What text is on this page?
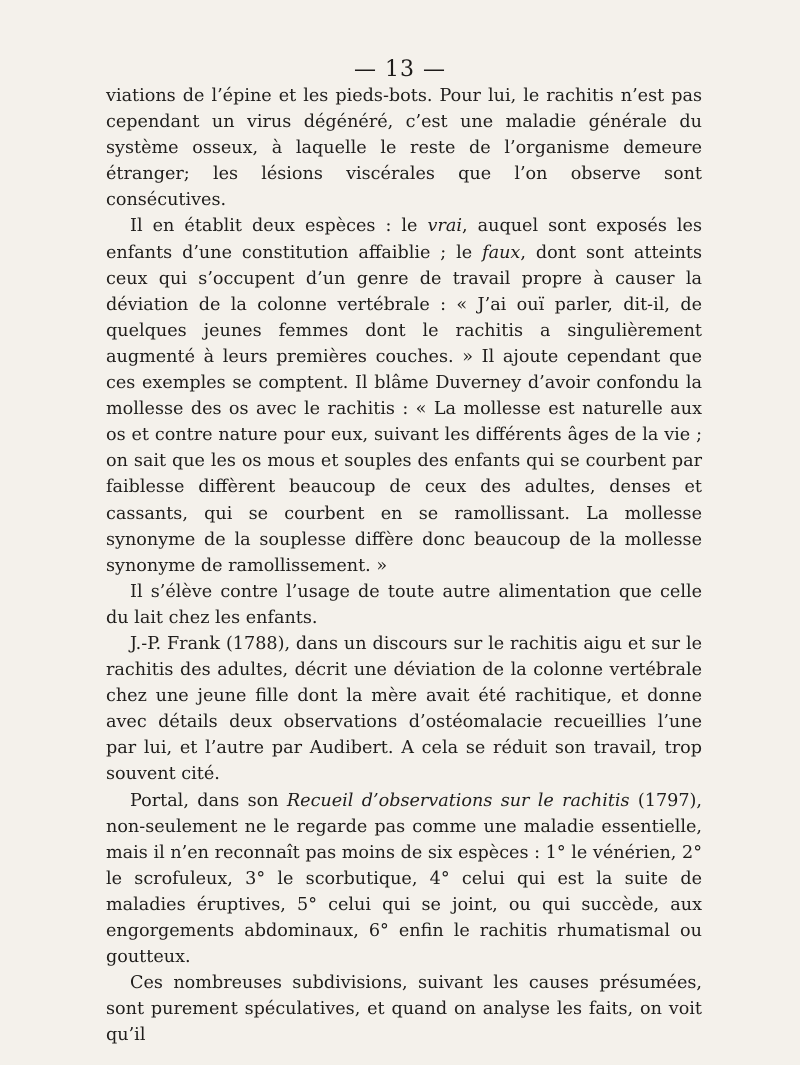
— 13 —

viations de l’épine et les pieds-bots. Pour lui, le rachitis n’est pas cependant un virus dégénéré, c’est une maladie générale du système osseux, à laquelle le reste de l’organisme demeure étranger; les lésions viscérales que l’on observe sont consécutives.

Il en établit deux espèces : le vrai, auquel sont exposés les enfants d’une constitution affaiblie ; le faux, dont sont atteints ceux qui s’occupent d’un genre de travail propre à causer la déviation de la colonne vertébrale : « J’ai ouï parler, dit-il, de quelques jeunes femmes dont le rachitis a singulièrement augmenté à leurs premières couches. » Il ajoute cependant que ces exemples se comptent. Il blâme Duverney d’avoir confondu la mollesse des os avec le rachitis : « La mollesse est naturelle aux os et contre nature pour eux, suivant les différents âges de la vie ; on sait que les os mous et souples des enfants qui se courbent par faiblesse diffèrent beaucoup de ceux des adultes, denses et cassants, qui se courbent en se ramollissant. La mollesse synonyme de la souplesse diffère donc beaucoup de la mollesse synonyme de ramollissement. »

Il s’élève contre l’usage de toute autre alimentation que celle du lait chez les enfants.

J.-P. Frank (1788), dans un discours sur le rachitis aigu et sur le rachitis des adultes, décrit une déviation de la colonne vertébrale chez une jeune fille dont la mère avait été rachitique, et donne avec détails deux observations d’ostéomalacie recueillies l’une par lui, et l’autre par Audibert. A cela se réduit son travail, trop souvent cité.

Portal, dans son Recueil d’observations sur le rachitis (1797), non-seulement ne le regarde pas comme une maladie essentielle, mais il n’en reconnaît pas moins de six espèces : 1° le vénérien, 2° le scrofuleux, 3° le scorbutique, 4° celui qui est la suite de maladies éruptives, 5° celui qui se joint, ou qui succède, aux engorgements abdominaux, 6° enfin le rachitis rhumatismal ou goutteux.

Ces nombreuses subdivisions, suivant les causes présumées, sont purement spéculatives, et quand on analyse les faits, on voit qu’il
